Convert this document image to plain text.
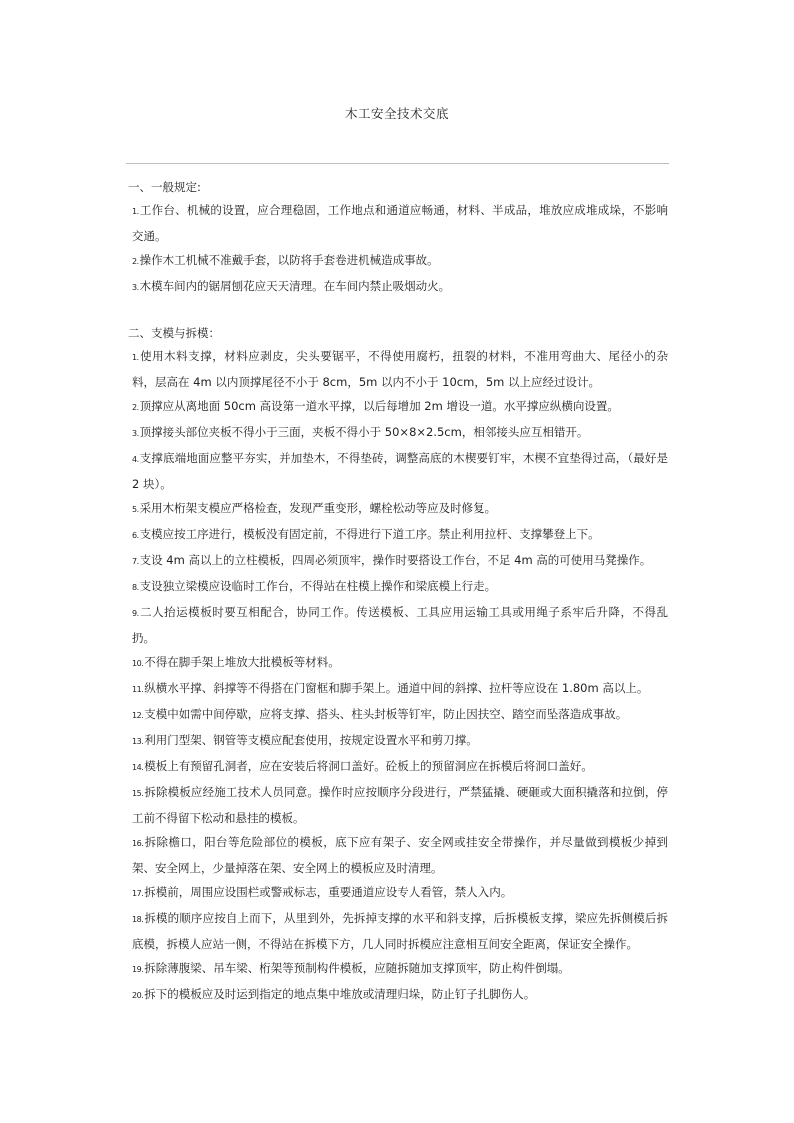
木工安全技术交底
一、一般规定:
1.工作台、机械的设置，应合理稳固，工作地点和通道应畅通，材料、半成品，堆放应成堆成垛，不影响交通。
2.操作木工机械不准戴手套，以防将手套卷进机械造成事故。
3.木模车间内的锯屑刨花应天天清理。在车间内禁止吸烟动火。
二、支模与拆模：
1.使用木料支撑，材料应剥皮，尖头要锯平，不得使用腐朽，扭裂的材料，不准用弯曲大、尾径小的杂料，层高在 4m 以内顶撑尾径不小于 8cm，5m 以内不小于 10cm，5m 以上应经过设计。
2.顶撑应从离地面 50cm 高设第一道水平撑，以后每增加 2m 增设一道。水平撑应纵横向设置。
3.顶撑接头部位夹板不得小于三面，夹板不得小于 50×8×2.5cm，相邻接头应互相错开。
4.支撑底端地面应整平夯实，并加垫木，不得垫砖，调整高底的木楔要钉牢，木楔不宜垫得过高，（最好是 2 块）。
5.采用木桁架支模应严格检查，发现严重变形，螺栓松动等应及时修复。
6.支模应按工序进行，模板没有固定前，不得进行下道工序。禁止利用拉杆、支撑攀登上下。
7.支设 4m 高以上的立柱模板，四周必须顶牢，操作时要搭设工作台，不足 4m 高的可使用马凳操作。
8.支设独立梁模应设临时工作台，不得站在柱模上操作和梁底模上行走。
9.二人抬运模板时要互相配合，协同工作。传送模板、工具应用运输工具或用绳子系牢后升降，不得乱扔。
10.不得在脚手架上堆放大批模板等材料。
11.纵横水平撑、斜撑等不得搭在门窗框和脚手架上。通道中间的斜撑、拉杆等应设在 1.80m 高以上。
12.支模中如需中间停歇，应将支撑、搭头、柱头封板等钉牢，防止因扶空、踏空而坠落造成事故。
13.利用门型架、钢管等支模应配套使用，按规定设置水平和剪刀撑。
14.模板上有预留孔洞者，应在安装后将洞口盖好。砼板上的预留洞应在拆模后将洞口盖好。
15.拆除模板应经施工技术人员同意。操作时应按顺序分段进行，严禁猛撬、硬砸或大面积撬落和拉倒，停工前不得留下松动和悬挂的模板。
16.拆除檐口，阳台等危险部位的模板，底下应有架子、安全网或挂安全带操作，并尽量做到模板少掉到架、安全网上，少量掉落在架、安全网上的模板应及时清理。
17.拆模前，周围应设围栏或警戒标志，重要通道应设专人看管，禁人入内。
18.拆模的顺序应按自上而下，从里到外，先拆掉支撑的水平和斜支撑，后拆模板支撑，梁应先拆侧模后拆底模，拆模人应站一侧，不得站在拆模下方，几人同时拆模应注意相互间安全距离，保证安全操作。
19.拆除薄腹梁、吊车梁、桁架等预制构件模板，应随拆随加支撑顶牢，防止构件倒塌。
20.拆下的模板应及时运到指定的地点集中堆放或清理归垛，防止钉子扎脚伤人。
